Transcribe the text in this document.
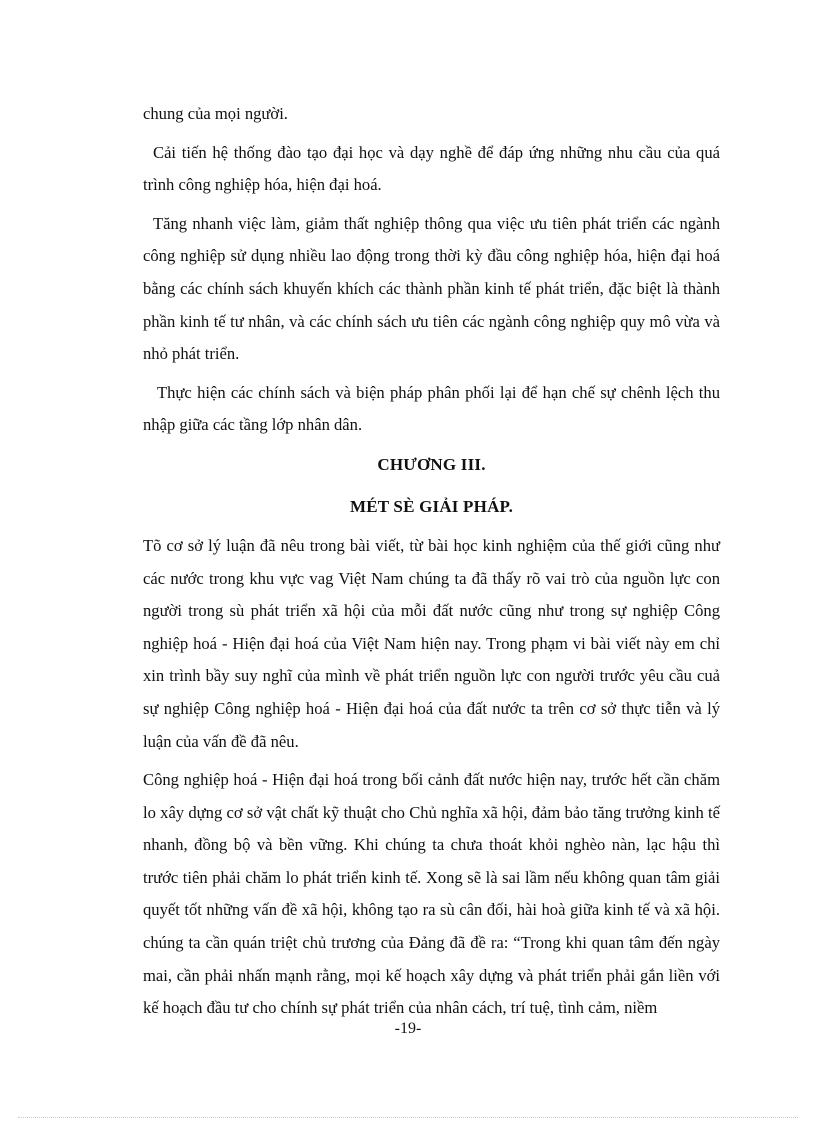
chung của mọi người.

Cải tiến hệ thống đào tạo đại học và dạy nghề để đáp ứng những nhu cầu của quá trình công nghiệp hóa, hiện đại hoá.

Tăng nhanh việc làm, giảm thất nghiệp thông qua việc ưu tiên phát triển các ngành công nghiệp sử dụng nhiều lao động trong thời kỳ đầu công nghiệp hóa, hiện đại hoá bằng các chính sách khuyến khích các thành phần kinh tế phát triển, đặc biệt là thành phần kinh tế tư nhân, và các chính sách ưu tiên các ngành công nghiệp quy mô vừa và nhỏ phát triển.

Thực hiện các chính sách và biện pháp phân phối lại để hạn chế sự chênh lệch thu nhập giữa các tầng lớp nhân dân.

CHƯƠNG III.
MÉT SÈ GIẢI PHÁP.

Tõ cơ sở lý luận đã nêu trong bài viết, từ bài học kinh nghiệm của thế giới cũng như các nước trong khu vực vag Việt Nam chúng ta đã thấy rõ vai trò của nguồn lực con người trong sù phát triển xã hội của mỗi đất nước cũng như trong sự nghiệp Công nghiệp hoá - Hiện đại hoá của Việt Nam hiện nay. Trong phạm vi bài viết này em chỉ xin trình bầy suy nghĩ của mình về phát triển nguồn lực con người trước yêu cầu cuả sự nghiệp Công nghiệp hoá - Hiện đại hoá của đất nước ta trên cơ sở thực tiễn và lý luận của vấn đề đã nêu.

Công nghiệp hoá - Hiện đại hoá trong bối cảnh đất nước hiện nay, trước hết cần chăm lo xây dựng cơ sở vật chất kỹ thuật cho Chủ nghĩa xã hội, đảm bảo tăng trưởng kinh tế nhanh, đồng bộ và bền vững. Khi chúng ta chưa thoát khỏi nghèo nàn, lạc hậu thì trước tiên phải chăm lo phát triển kinh tế. Xong sẽ là sai lầm nếu không quan tâm giải quyết tốt những vấn đề xã hội, không tạo ra sù cân đối, hài hoà giữa kinh tế và xã hội. chúng ta cần quán triệt chủ trương của Đảng đã đề ra: “Trong khi quan tâm đến ngày mai, cần phải nhấn mạnh rằng, mọi kế hoạch xây dựng và phát triển phải gắn liền với kế hoạch đầu tư cho chính sự phát triển của nhân cách, trí tuệ, tình cảm, niềm

-19-
